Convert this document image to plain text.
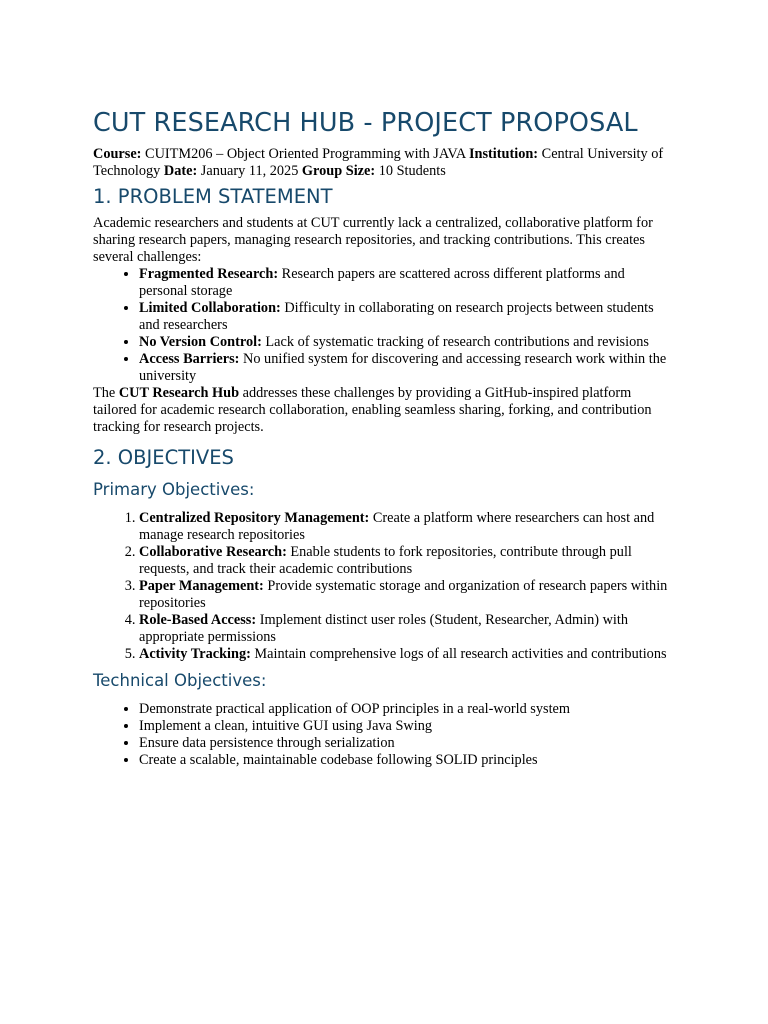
CUT RESEARCH HUB - PROJECT PROPOSAL

Course: CUITM206 – Object Oriented Programming with JAVA Institution: Central University of Technology Date: January 11, 2025 Group Size: 10 Students

1. PROBLEM STATEMENT

Academic researchers and students at CUT currently lack a centralized, collaborative platform for sharing research papers, managing research repositories, and tracking contributions. This creates several challenges:

• Fragmented Research: Research papers are scattered across different platforms and personal storage
• Limited Collaboration: Difficulty in collaborating on research projects between students and researchers
• No Version Control: Lack of systematic tracking of research contributions and revisions
• Access Barriers: No unified system for discovering and accessing research work within the university

The CUT Research Hub addresses these challenges by providing a GitHub-inspired platform tailored for academic research collaboration, enabling seamless sharing, forking, and contribution tracking for research projects.

2. OBJECTIVES
Primary Objectives:
1. Centralized Repository Management: Create a platform where researchers can host and manage research repositories
2. Collaborative Research: Enable students to fork repositories, contribute through pull requests, and track their academic contributions
3. Paper Management: Provide systematic storage and organization of research papers within repositories
4. Role-Based Access: Implement distinct user roles (Student, Researcher, Admin) with appropriate permissions
5. Activity Tracking: Maintain comprehensive logs of all research activities and contributions
Technical Objectives:
• Demonstrate practical application of OOP principles in a real-world system
• Implement a clean, intuitive GUI using Java Swing
• Ensure data persistence through serialization
• Create a scalable, maintainable codebase following SOLID principles
